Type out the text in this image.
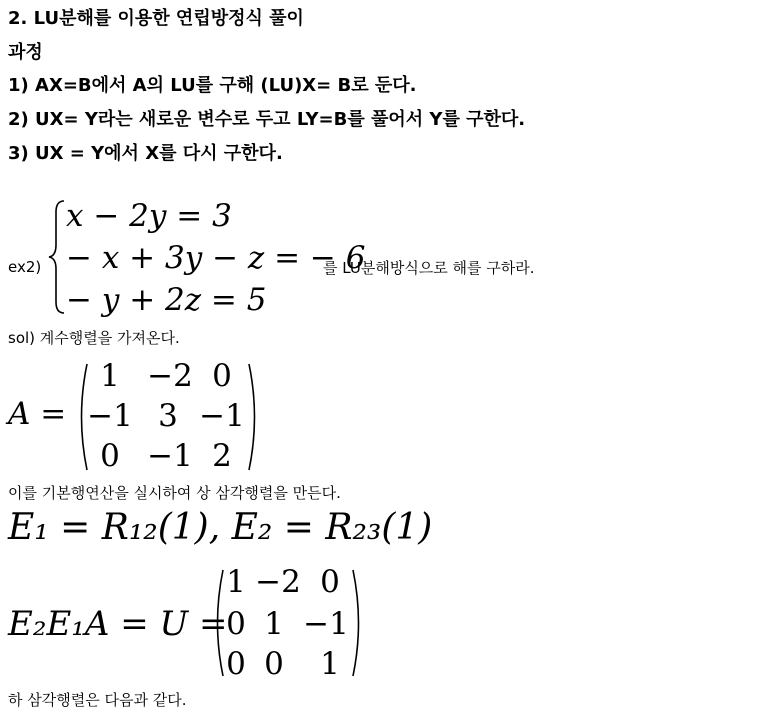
2. LU분해를 이용한 연립방정식 풀이
과정
1) AX=B에서 A의 LU를 구해 (LU)X= B로 둔다.
2) UX= Y라는 새로운 변수로 두고 LY=B를 풀어서 Y를 구한다.
3) UX = Y에서 X를 다시 구한다.
ex2)
x − 2y = 3
− x + 3y − z = − 6
를 LU분해방식으로 해를 구하라.
− y + 2z = 5
sol) 계수행렬을 가져온다.
A =
1 −2 0
−1 3 −1
0 −1 2
이를 기본행연산을 실시하여 상 삼각행렬을 만든다.
E₁ = R₁₂(1), E₂ = R₂₃(1)
E₂E₁A = U =
1 −2 0
0 1 −1
0 0 1
하 삼각행렬은 다음과 같다.
